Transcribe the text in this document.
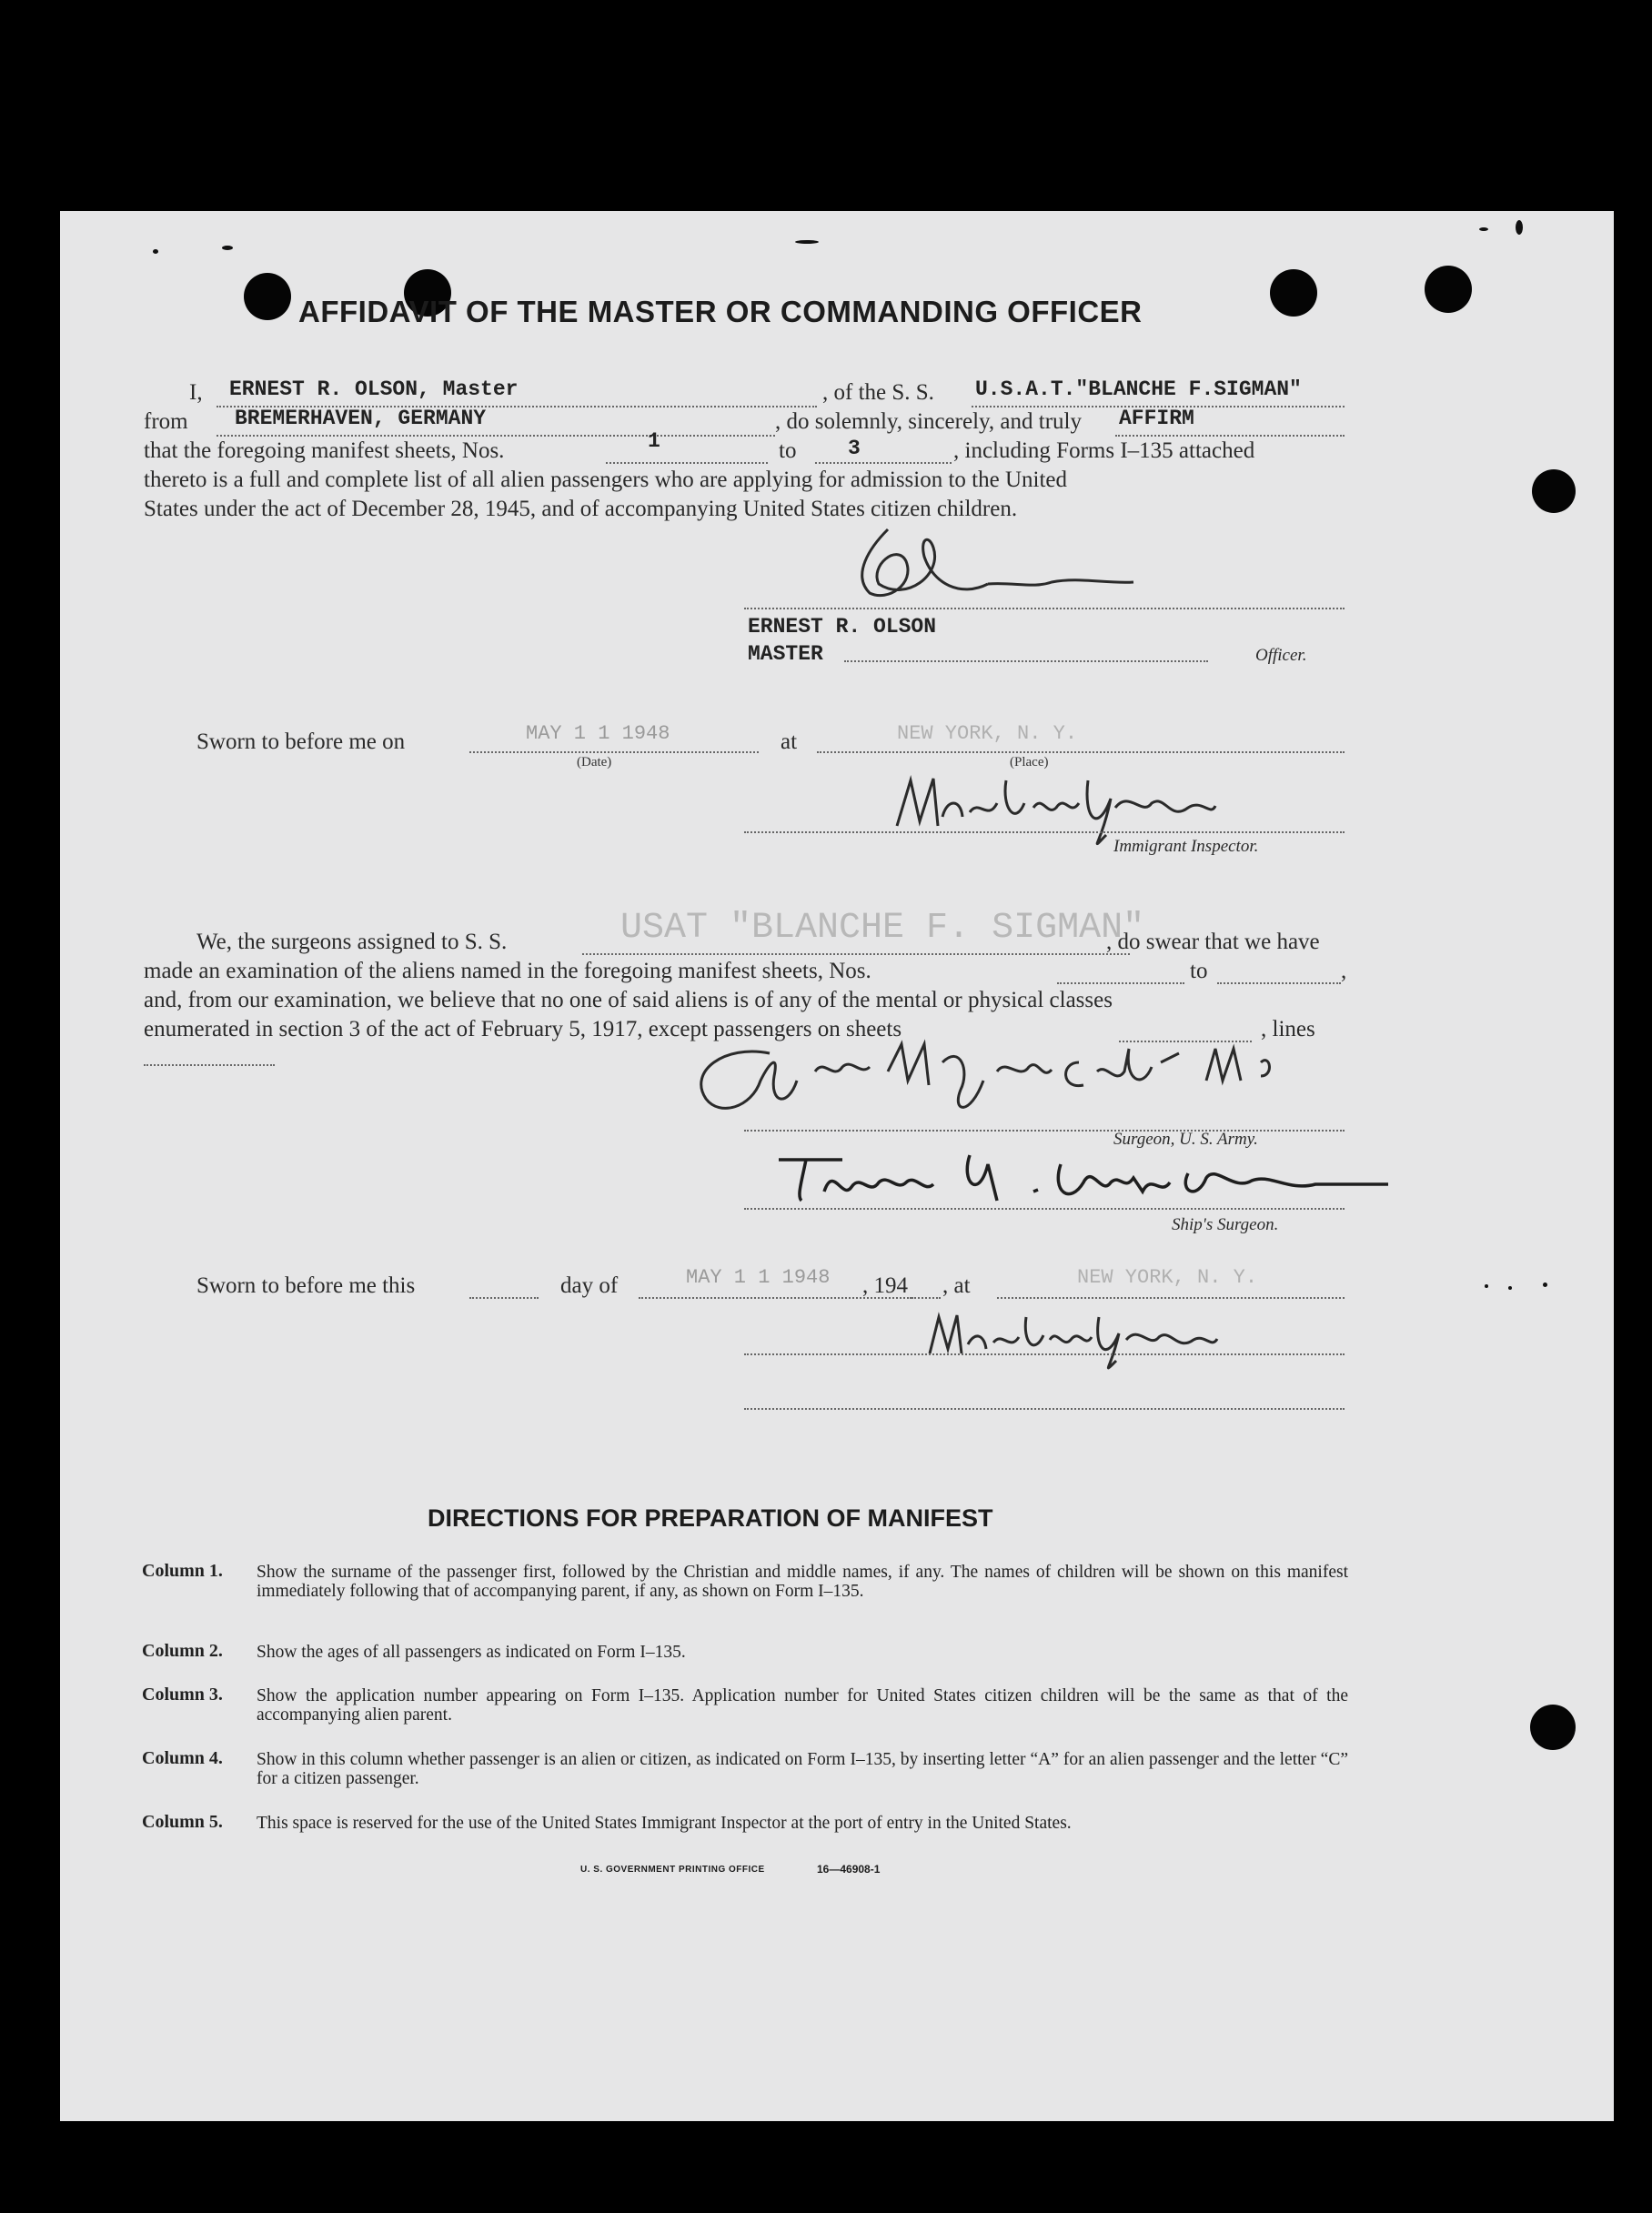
AFFIDAVIT OF THE MASTER OR COMMANDING OFFICER
I, ERNEST R. OLSON, Master	, of the S. S. U.S.A.T."BLANCHE F.SIGMAN"
from BREMERHAVEN, GERMANY	, do solemnly, sincerely, and truly AFFIRM
that the foregoing manifest sheets, Nos.	1	to 3	, including Forms I–135 attached
thereto is a full and complete list of all alien passengers who are applying for admission to the United
States under the act of December 28, 1945, and of accompanying United States citizen children.
ERNEST R. OLSON
MASTER	Officer.
Sworn to before me on	MAY 1 1 1948
(Date)
at	NEW YORK, N. Y.
(Place)
Immigrant Inspector.
We, the surgeons assigned to S. S.	USAT "BLANCHE F. SIGMAN"
, do swear that we have
made an examination of the aliens named in the foregoing manifest sheets, Nos.	to	,
and, from our examination, we believe that no one of said aliens is of any of the mental or physical classes
enumerated in section 3 of the act of February 5, 1917, except passengers on sheets	, lines
Surgeon, U. S. Army.
Ship's Surgeon.
Sworn to before me this	day of	MAY 1 1 1948 , 194 , at	NEW YORK, N. Y.
DIRECTIONS FOR PREPARATION OF MANIFEST
Column 1. Show the surname of the passenger first, followed by the Christian and middle names, if any. The names of children will be shown on this manifest immediately following that of accompanying parent, if any, as shown on Form I–135.
Column 2. Show the ages of all passengers as indicated on Form I–135.
Column 3. Show the application number appearing on Form I–135. Application number for United States citizen children will be the same as that of the accompanying alien parent.
Column 4. Show in this column whether passenger is an alien or citizen, as indicated on Form I–135, by inserting letter “A” for an alien passenger and the letter “C” for a citizen passenger.
Column 5. This space is reserved for the use of the United States Immigrant Inspector at the port of entry in the United States.
U. S. GOVERNMENT PRINTING OFFICE	16—46908-1
